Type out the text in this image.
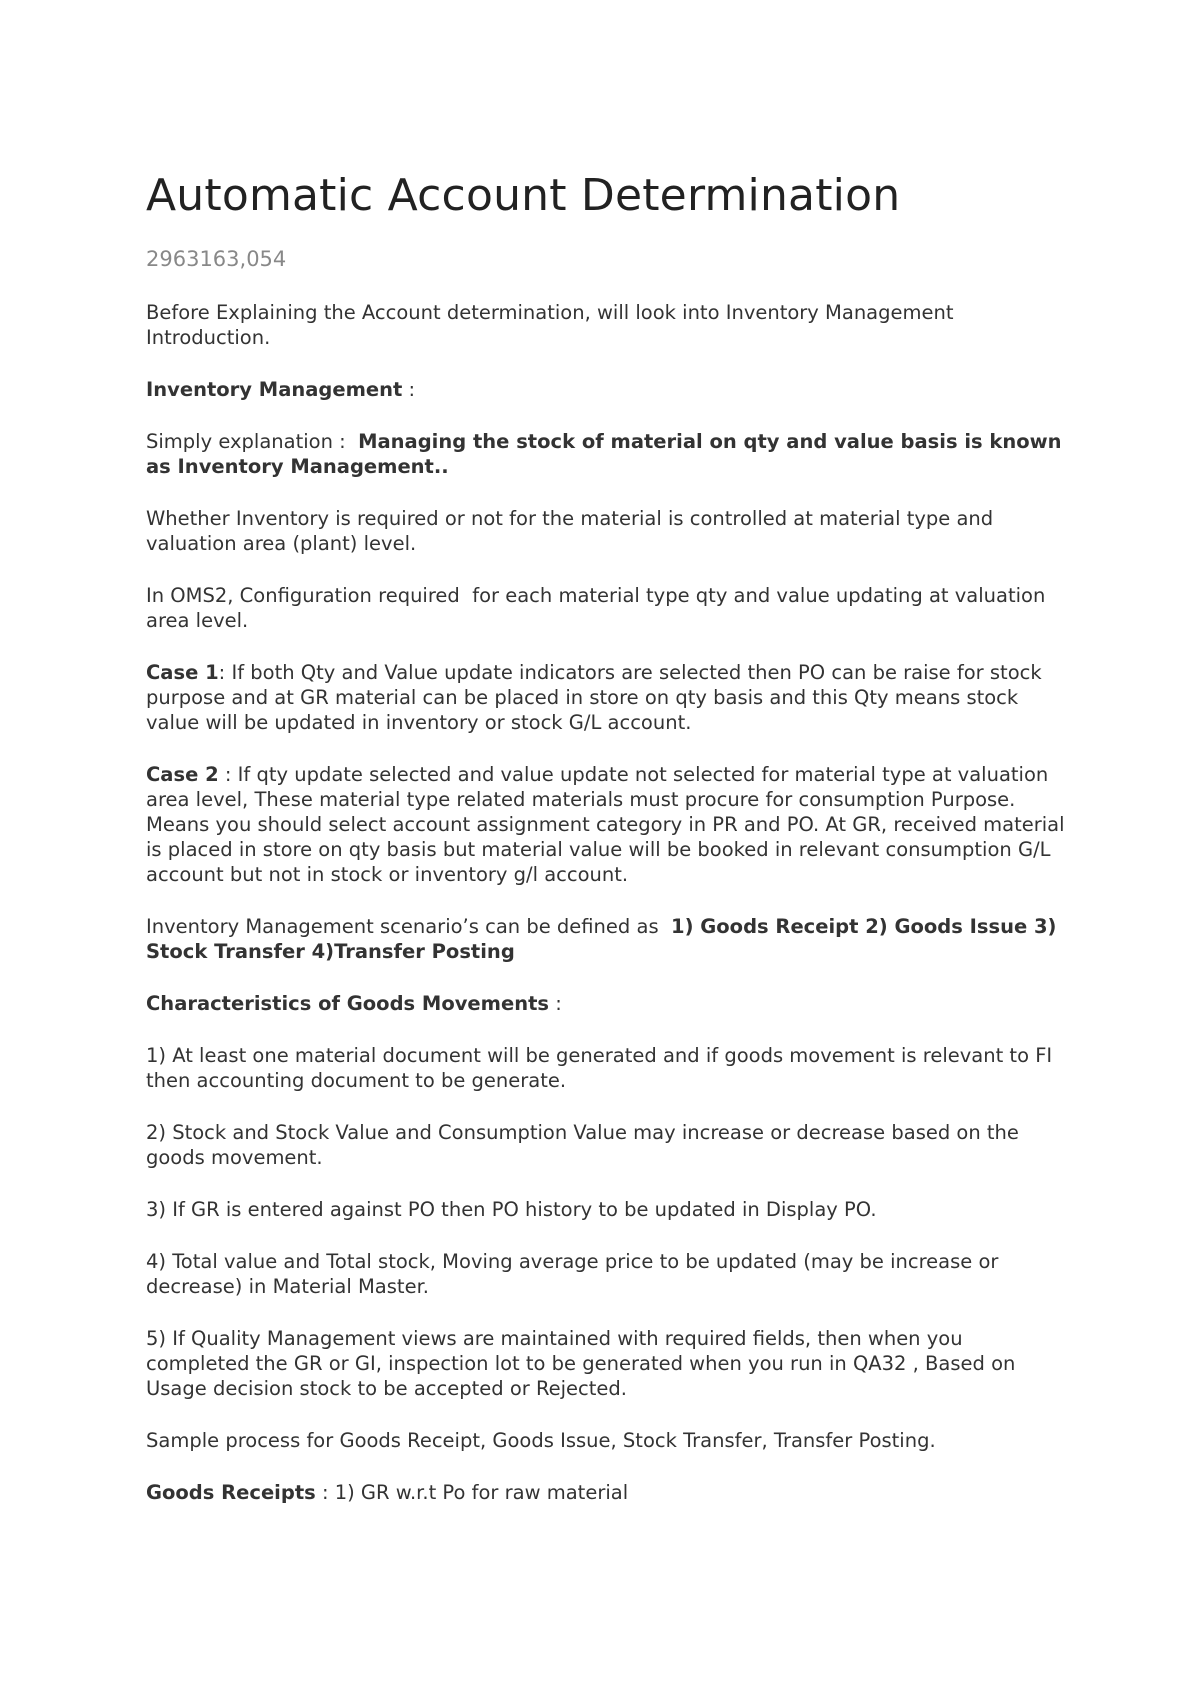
Automatic Account Determination
2963163,054

Before Explaining the Account determination, will look into Inventory Management Introduction.

Inventory Management :

Simply explanation :  Managing the stock of material on qty and value basis is known as Inventory Management..

Whether Inventory is required or not for the material is controlled at material type and valuation area (plant) level.

In OMS2, Configuration required  for each material type qty and value updating at valuation area level.

Case 1: If both Qty and Value update indicators are selected then PO can be raise for stock purpose and at GR material can be placed in store on qty basis and this Qty means stock value will be updated in inventory or stock G/L account.

Case 2 : If qty update selected and value update not selected for material type at valuation area level, These material type related materials must procure for consumption Purpose. Means you should select account assignment category in PR and PO. At GR, received material is placed in store on qty basis but material value will be booked in relevant consumption G/L account but not in stock or inventory g/l account.

Inventory Management scenario’s can be defined as  1) Goods Receipt 2) Goods Issue 3) Stock Transfer 4)Transfer Posting

Characteristics of Goods Movements :

1) At least one material document will be generated and if goods movement is relevant to FI then accounting document to be generate.

2) Stock and Stock Value and Consumption Value may increase or decrease based on the goods movement.

3) If GR is entered against PO then PO history to be updated in Display PO.

4) Total value and Total stock, Moving average price to be updated (may be increase or decrease) in Material Master.

5) If Quality Management views are maintained with required fields, then when you completed the GR or GI, inspection lot to be generated when you run in QA32 , Based on Usage decision stock to be accepted or Rejected.

Sample process for Goods Receipt, Goods Issue, Stock Transfer, Transfer Posting.

Goods Receipts : 1) GR w.r.t Po for raw material
